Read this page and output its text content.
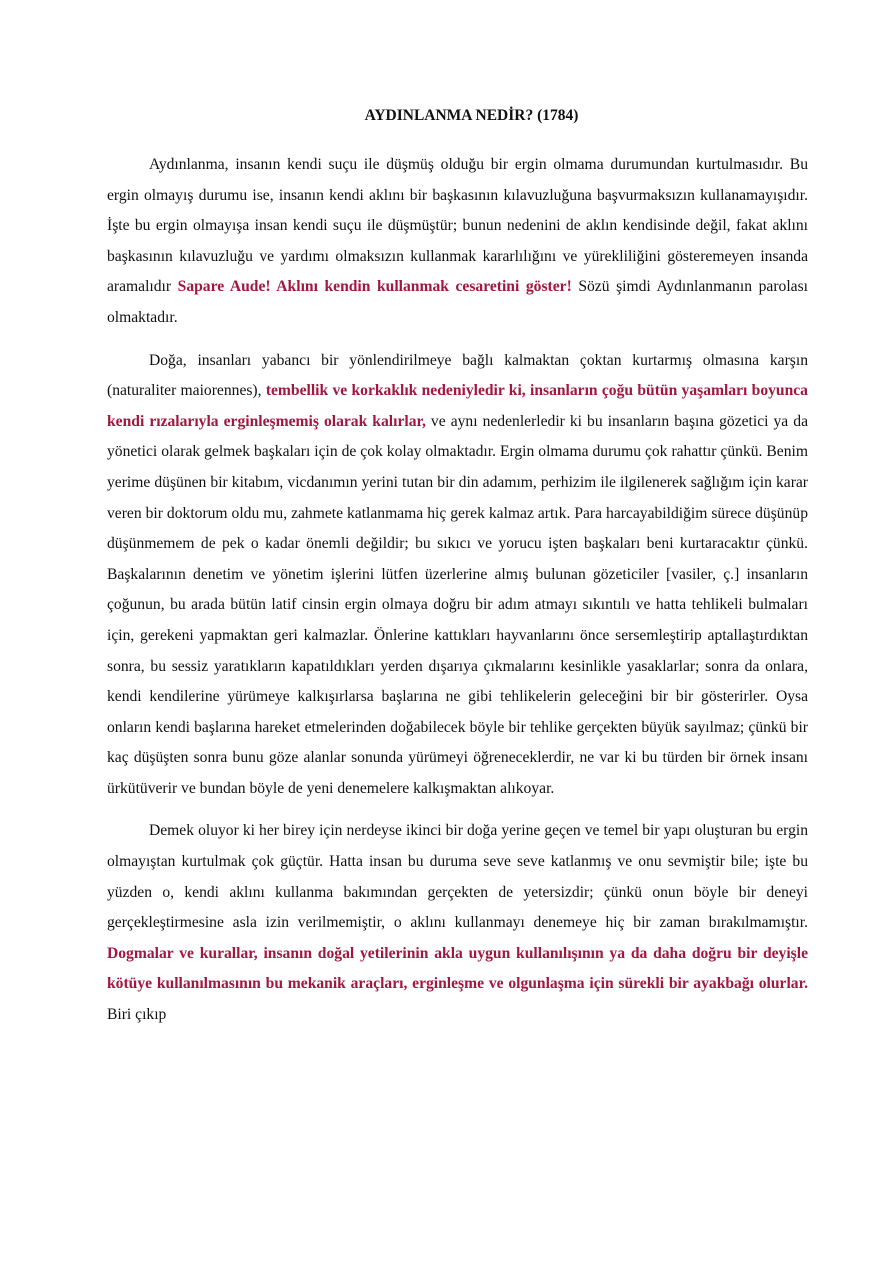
AYDINLANMA NEDİR? (1784)

Aydınlanma, insanın kendi suçu ile düşmüş olduğu bir ergin olmama durumundan kurtulmasıdır. Bu ergin olmayış durumu ise, insanın kendi aklını bir başkasının kılavuzluğuna başvurmaksızın kullanamayışıdır. İşte bu ergin olmayışa insan kendi suçu ile düşmüştür; bunun nedenini de aklın kendisinde değil, fakat aklını başkasının kılavuzluğu ve yardımı olmaksızın kullanmak kararlılığını ve yürekliliğini gösteremeyen insanda aramalıdır Sapare Aude! Aklını kendin kullanmak cesaretini göster! Sözü şimdi Aydınlanmanın parolası olmaktadır.

Doğa, insanları yabancı bir yönlendirilmeye bağlı kalmaktan çoktan kurtarmış olmasına karşın (naturaliter maiorennes), tembellik ve korkaklık nedeniyledir ki, insanların çoğu bütün yaşamları boyunca kendi rızalarıyla erginleşmemiş olarak kalırlar, ve aynı nedenlerledir ki bu insanların başına gözetici ya da yönetici olarak gelmek başkaları için de çok kolay olmaktadır. Ergin olmama durumu çok rahattır çünkü. Benim yerime düşünen bir kitabım, vicdanımın yerini tutan bir din adamım, perhizim ile ilgilenerek sağlığım için karar veren bir doktorum oldu mu, zahmete katlanmama hiç gerek kalmaz artık. Para harcayabildiğim sürece düşünüp düşünmemem de pek o kadar önemli değildir; bu sıkıcı ve yorucu işten başkaları beni kurtaracaktır çünkü. Başkalarının denetim ve yönetim işlerini lütfen üzerlerine almış bulunan gözeticiler [vasiler, ç.] insanların çoğunun, bu arada bütün latif cinsin ergin olmaya doğru bir adım atmayı sıkıntılı ve hatta tehlikeli bulmaları için, gerekeni yapmaktan geri kalmazlar. Önlerine kattıkları hayvanlarını önce sersemleştirip aptallaştırdıktan sonra, bu sessiz yaratıkların kapatıldıkları yerden dışarıya çıkmalarını kesinlikle yasaklarlar; sonra da onlara, kendi kendilerine yürümeye kalkışırlarsa başlarına ne gibi tehlikelerin geleceğini bir bir gösterirler. Oysa onların kendi başlarına hareket etmelerinden doğabilecek böyle bir tehlike gerçekten büyük sayılmaz; çünkü bir kaç düşüşten sonra bunu göze alanlar sonunda yürümeyi öğreneceklerdir, ne var ki bu türden bir örnek insanı ürkütüverir ve bundan böyle de yeni denemelere kalkışmaktan alıkoyar.

Demek oluyor ki her birey için nerdeyse ikinci bir doğa yerine geçen ve temel bir yapı oluşturan bu ergin olmayıştan kurtulmak çok güçtür. Hatta insan bu duruma seve seve katlanmış ve onu sevmiştir bile; işte bu yüzden o, kendi aklını kullanma bakımından gerçekten de yetersizdir; çünkü onun böyle bir deneyi gerçekleştirmesine asla izin verilmemiştir, o aklını kullanmayı denemeye hiç bir zaman bırakılmamıştır. Dogmalar ve kurallar, insanın doğal yetilerinin akla uygun kullanılışının ya da daha doğru bir deyişle kötüye kullanılmasının bu mekanik araçları, erginleşme ve olgunlaşma için sürekli bir ayakbağı olurlar. Biri çıkıp
